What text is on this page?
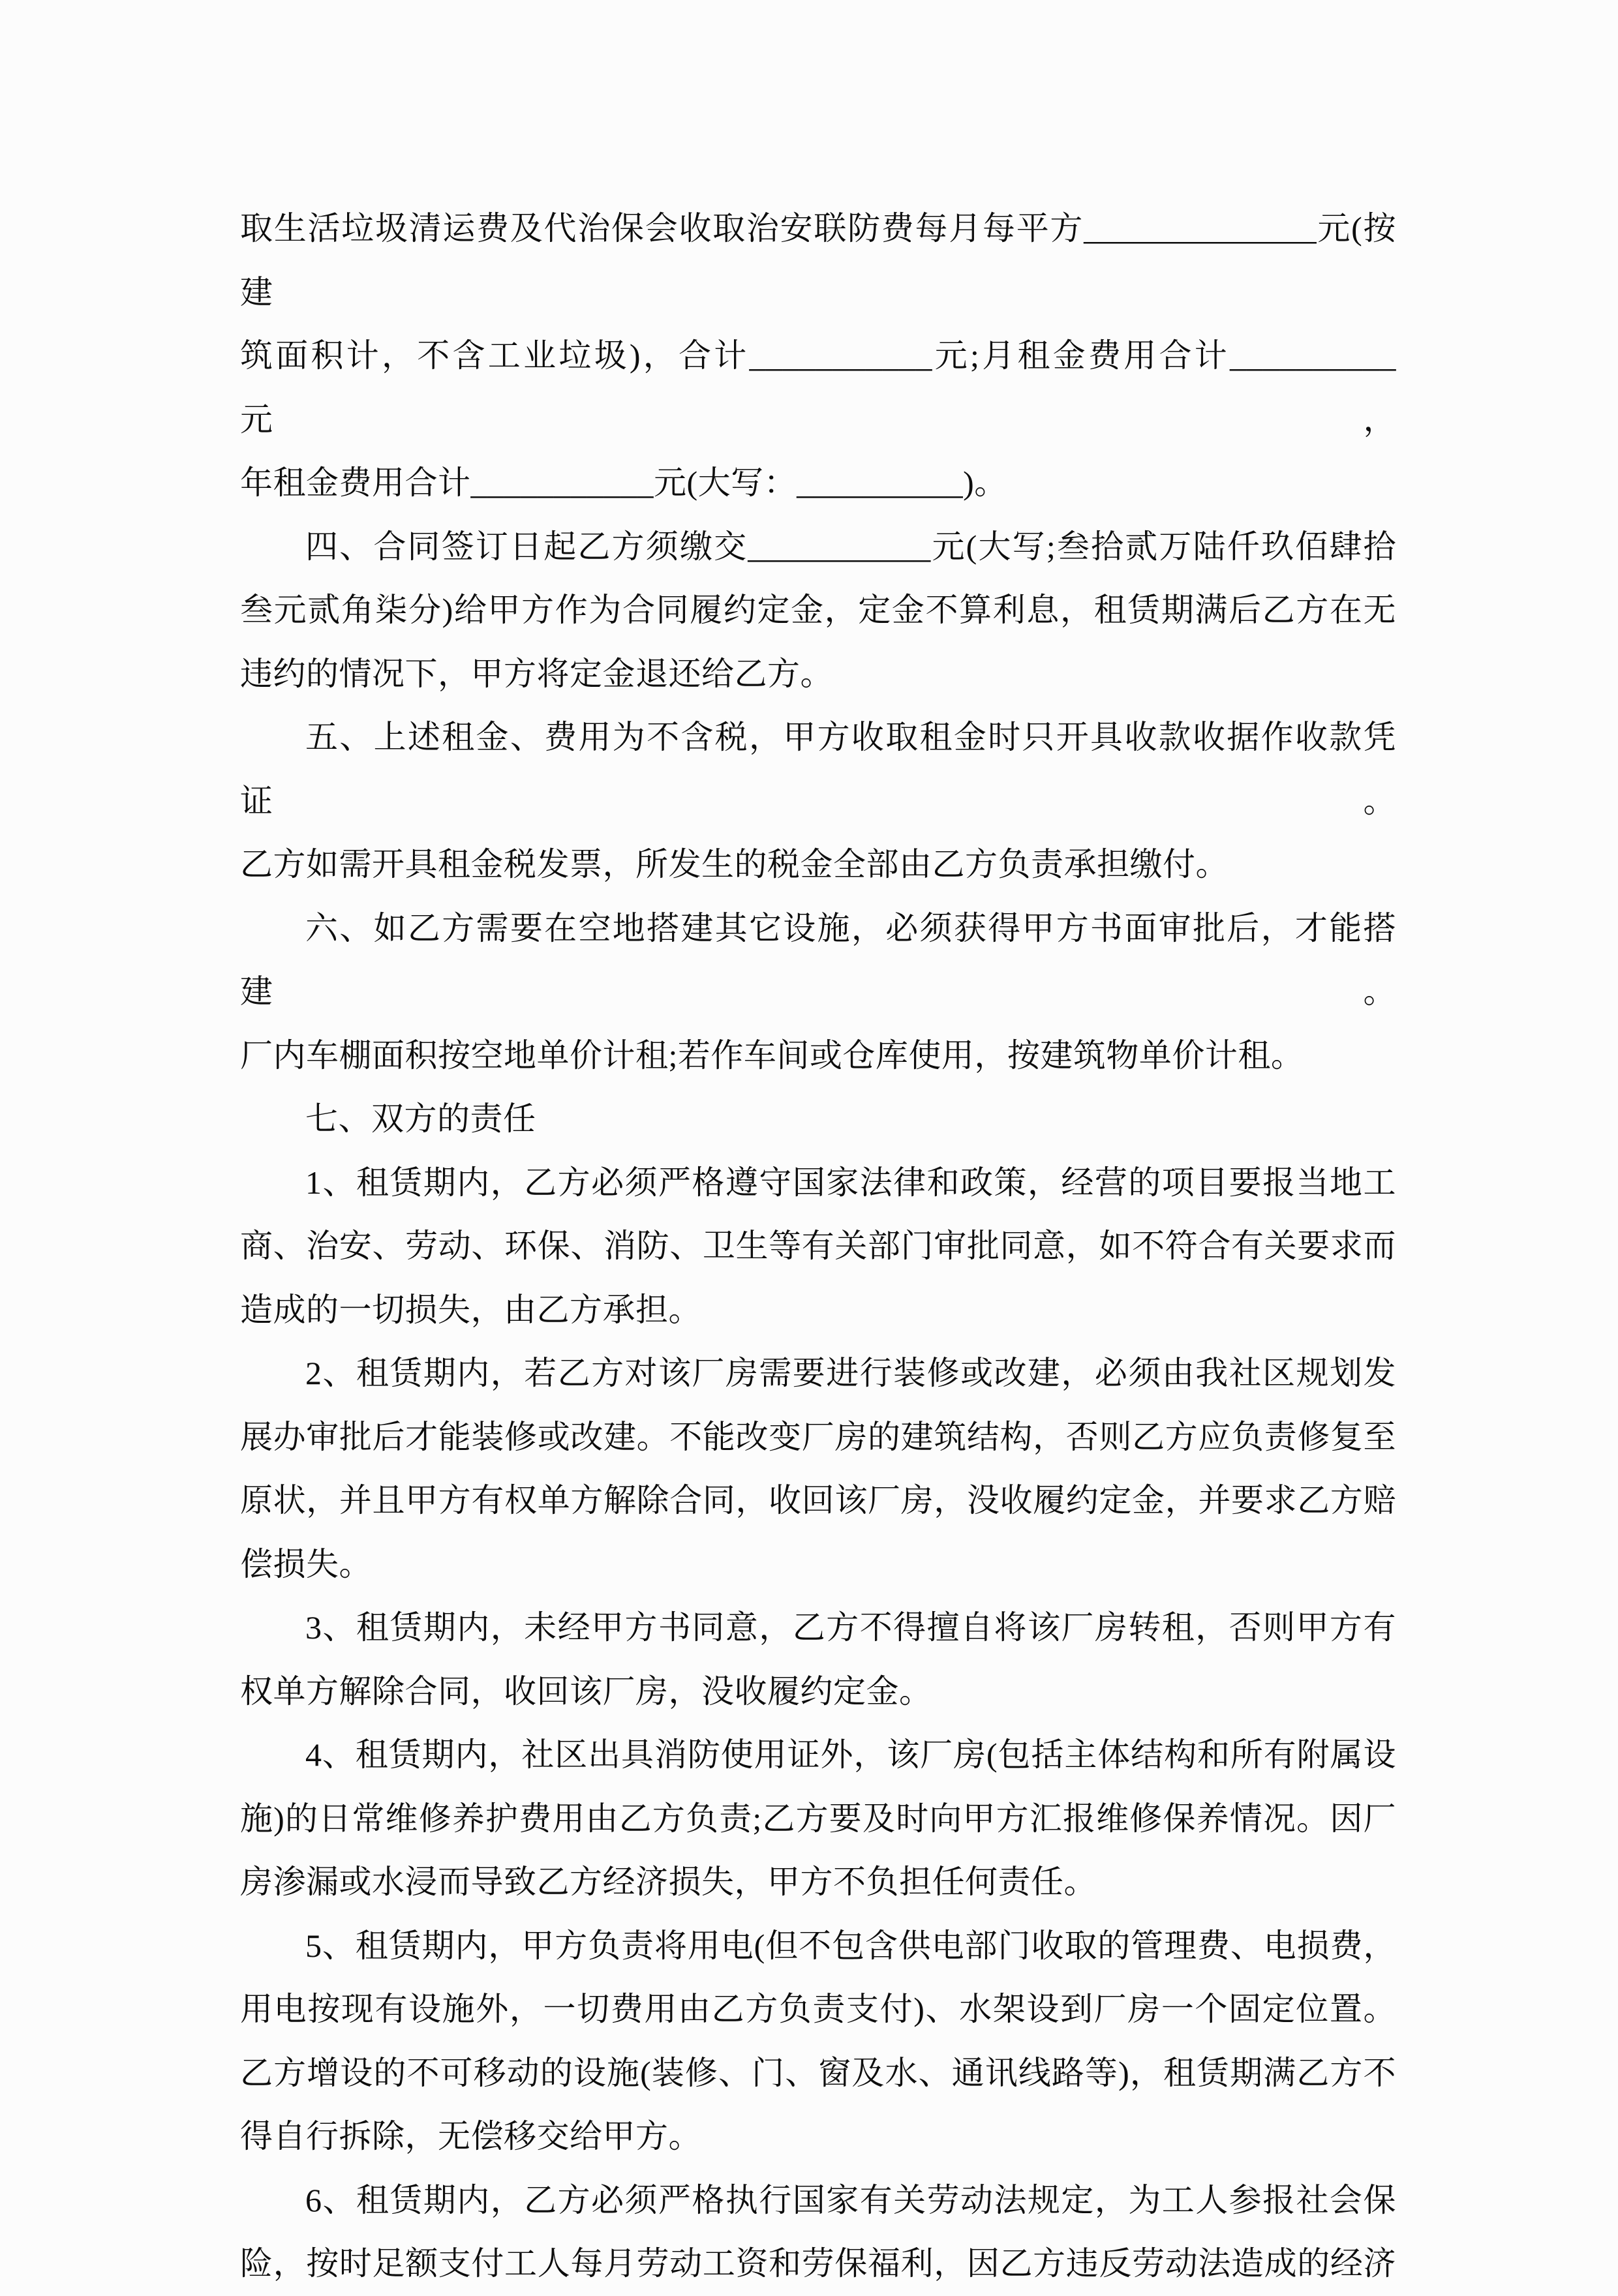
取生活垃圾清运费及代治保会收取治安联防费每月每平方______________元(按建
筑面积计，不含工业垃圾)，合计___________元;月租金费用合计__________元，
年租金费用合计___________元(大写：__________)。
四、合同签订日起乙方须缴交___________元(大写;叁拾贰万陆仟玖佰肆拾
叁元贰角柒分)给甲方作为合同履约定金，定金不算利息，租赁期满后乙方在无
违约的情况下，甲方将定金退还给乙方。
五、上述租金、费用为不含税，甲方收取租金时只开具收款收据作收款凭证。
乙方如需开具租金税发票，所发生的税金全部由乙方负责承担缴付。
六、如乙方需要在空地搭建其它设施，必须获得甲方书面审批后，才能搭建。
厂内车棚面积按空地单价计租;若作车间或仓库使用，按建筑物单价计租。
七、双方的责任
1、租赁期内，乙方必须严格遵守国家法律和政策，经营的项目要报当地工
商、治安、劳动、环保、消防、卫生等有关部门审批同意，如不符合有关要求而
造成的一切损失，由乙方承担。
2、租赁期内，若乙方对该厂房需要进行装修或改建，必须由我社区规划发
展办审批后才能装修或改建。不能改变厂房的建筑结构，否则乙方应负责修复至
原状，并且甲方有权单方解除合同，收回该厂房，没收履约定金，并要求乙方赔
偿损失。
3、租赁期内，未经甲方书同意，乙方不得擅自将该厂房转租，否则甲方有
权单方解除合同，收回该厂房，没收履约定金。
4、租赁期内，社区出具消防使用证外，该厂房(包括主体结构和所有附属设
施)的日常维修养护费用由乙方负责;乙方要及时向甲方汇报维修保养情况。因厂
房渗漏或水浸而导致乙方经济损失，甲方不负担任何责任。
5、租赁期内，甲方负责将用电(但不包含供电部门收取的管理费、电损费，
用电按现有设施外，一切费用由乙方负责支付)、水架设到厂房一个固定位置。
乙方增设的不可移动的设施(装修、门、窗及水、通讯线路等)，租赁期满乙方不
得自行拆除，无偿移交给甲方。
6、租赁期内，乙方必须严格执行国家有关劳动法规定，为工人参报社会保
险，按时足额支付工人每月劳动工资和劳保福利，因乙方违反劳动法造成的经济
